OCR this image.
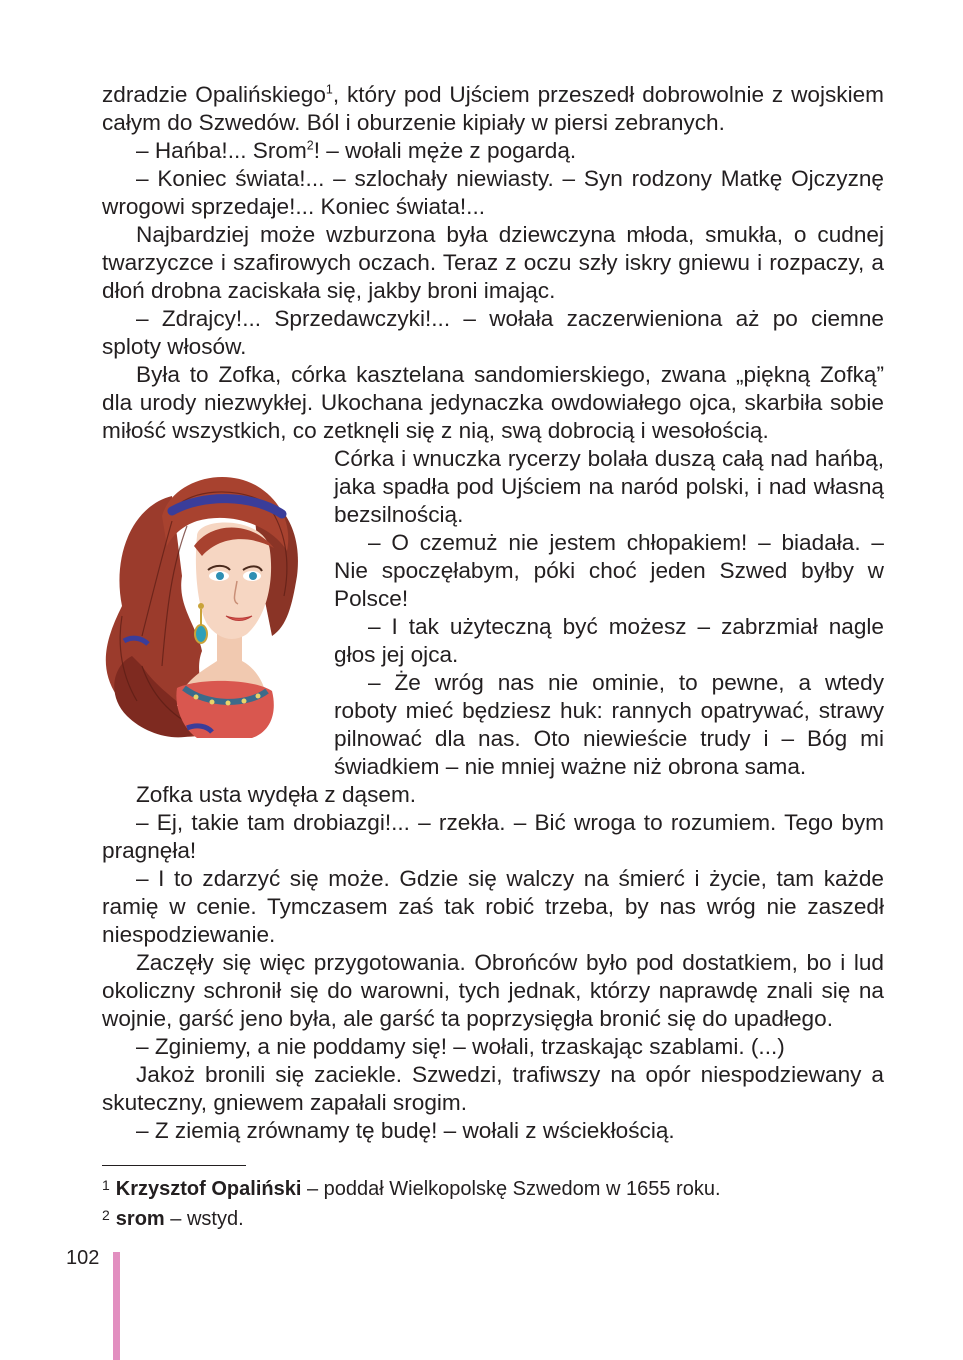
zdradzie Opalińskiego$^1$, który pod Ujściem przeszedł dobrowolnie z wojskiem całym do Szwedów. Ból i oburzenie kipiały w piersi zebranych.

– Hańba!... Srom$^2$! – wołali mężе z pogardą.

– Koniec świata!... – szlochały niewiasty. – Syn rodzony Matkę Ojczyznę wrogowi sprzedaje!... Koniec świata!...

Najbardziej może wzburzona była dziewczyna młoda, smukła, o cudnej twarzyczce i szafirowych oczach. Teraz z oczu szły iskry gniewu i rozpaczy, a dłoń drobna zaciskała się, jakby broni imając.

– Zdrajcy!... Sprzedawczyki!... – wołała zaczerwieniona aż po ciemne sploty włosów.

Była to Zofka, córka kasztelana sandomierskiego, zwana „piękną Zofką” dla urody niezwykłej. Ukochana jedynaczka owdowiałego ojca, skarbiła sobie miłość wszystkich, co zetknęli się z nią, swą dobrocią i wesołością.

Córka i wnuczka rycerzy bolała duszą całą nad hańbą, jaka spadła pod Ujściem na naród polski, i nad własną bezsilnością.

– O czemuż nie jestem chłopakiem! – biadała. – Nie spoczęłabym, póki choć jeden Szwed byłby w Polsce!

– I tak użyteczną być możesz – zabrzmiał nagle głos jej ojca.

– Że wróg nas nie ominie, to pewne, a wtedy roboty mieć będziesz huk: rannych opatrywać, strawy pilnować dla nas. Oto niewieście trudy i – Bóg mi świadkiem – nie mniej ważne niż obrona sama.

Zofka usta wydęła z dąsem.

– Ej, takie tam drobiazgi!... – rzekła. – Bić wroga to rozumiem. Tego bym pragnęła!

– I to zdarzyć się może. Gdzie się walczy na śmierć i życie, tam każde ramię w cenie. Tymczasem zaś tak robić trzeba, by nas wróg nie zaszedł niespodziewanie.

Zaczęły się więc przygotowania. Obrońców było pod dostatkiem, bo i lud okoliczny schronił się do warowni, tych jednak, którzy naprawdę znali się na wojnie, garść jeno była, ale garść ta poprzysięgła bronić się do upadłego.

– Zginiemy, a nie poddamy się! – wołali, trzaskając szablami. (...)

Jakoż bronili się zaciekle. Szwedzi, trafiwszy na opór niespodziewany a skuteczny, gniewem zapałali srogim.

– Z ziemią zrównamy tę budę! – wołali z wściekłością.

$^1$ Krzysztof Opaliński – poddał Wielkopolskę Szwedom w 1655 roku.

$^2$ srom – wstyd.

102
